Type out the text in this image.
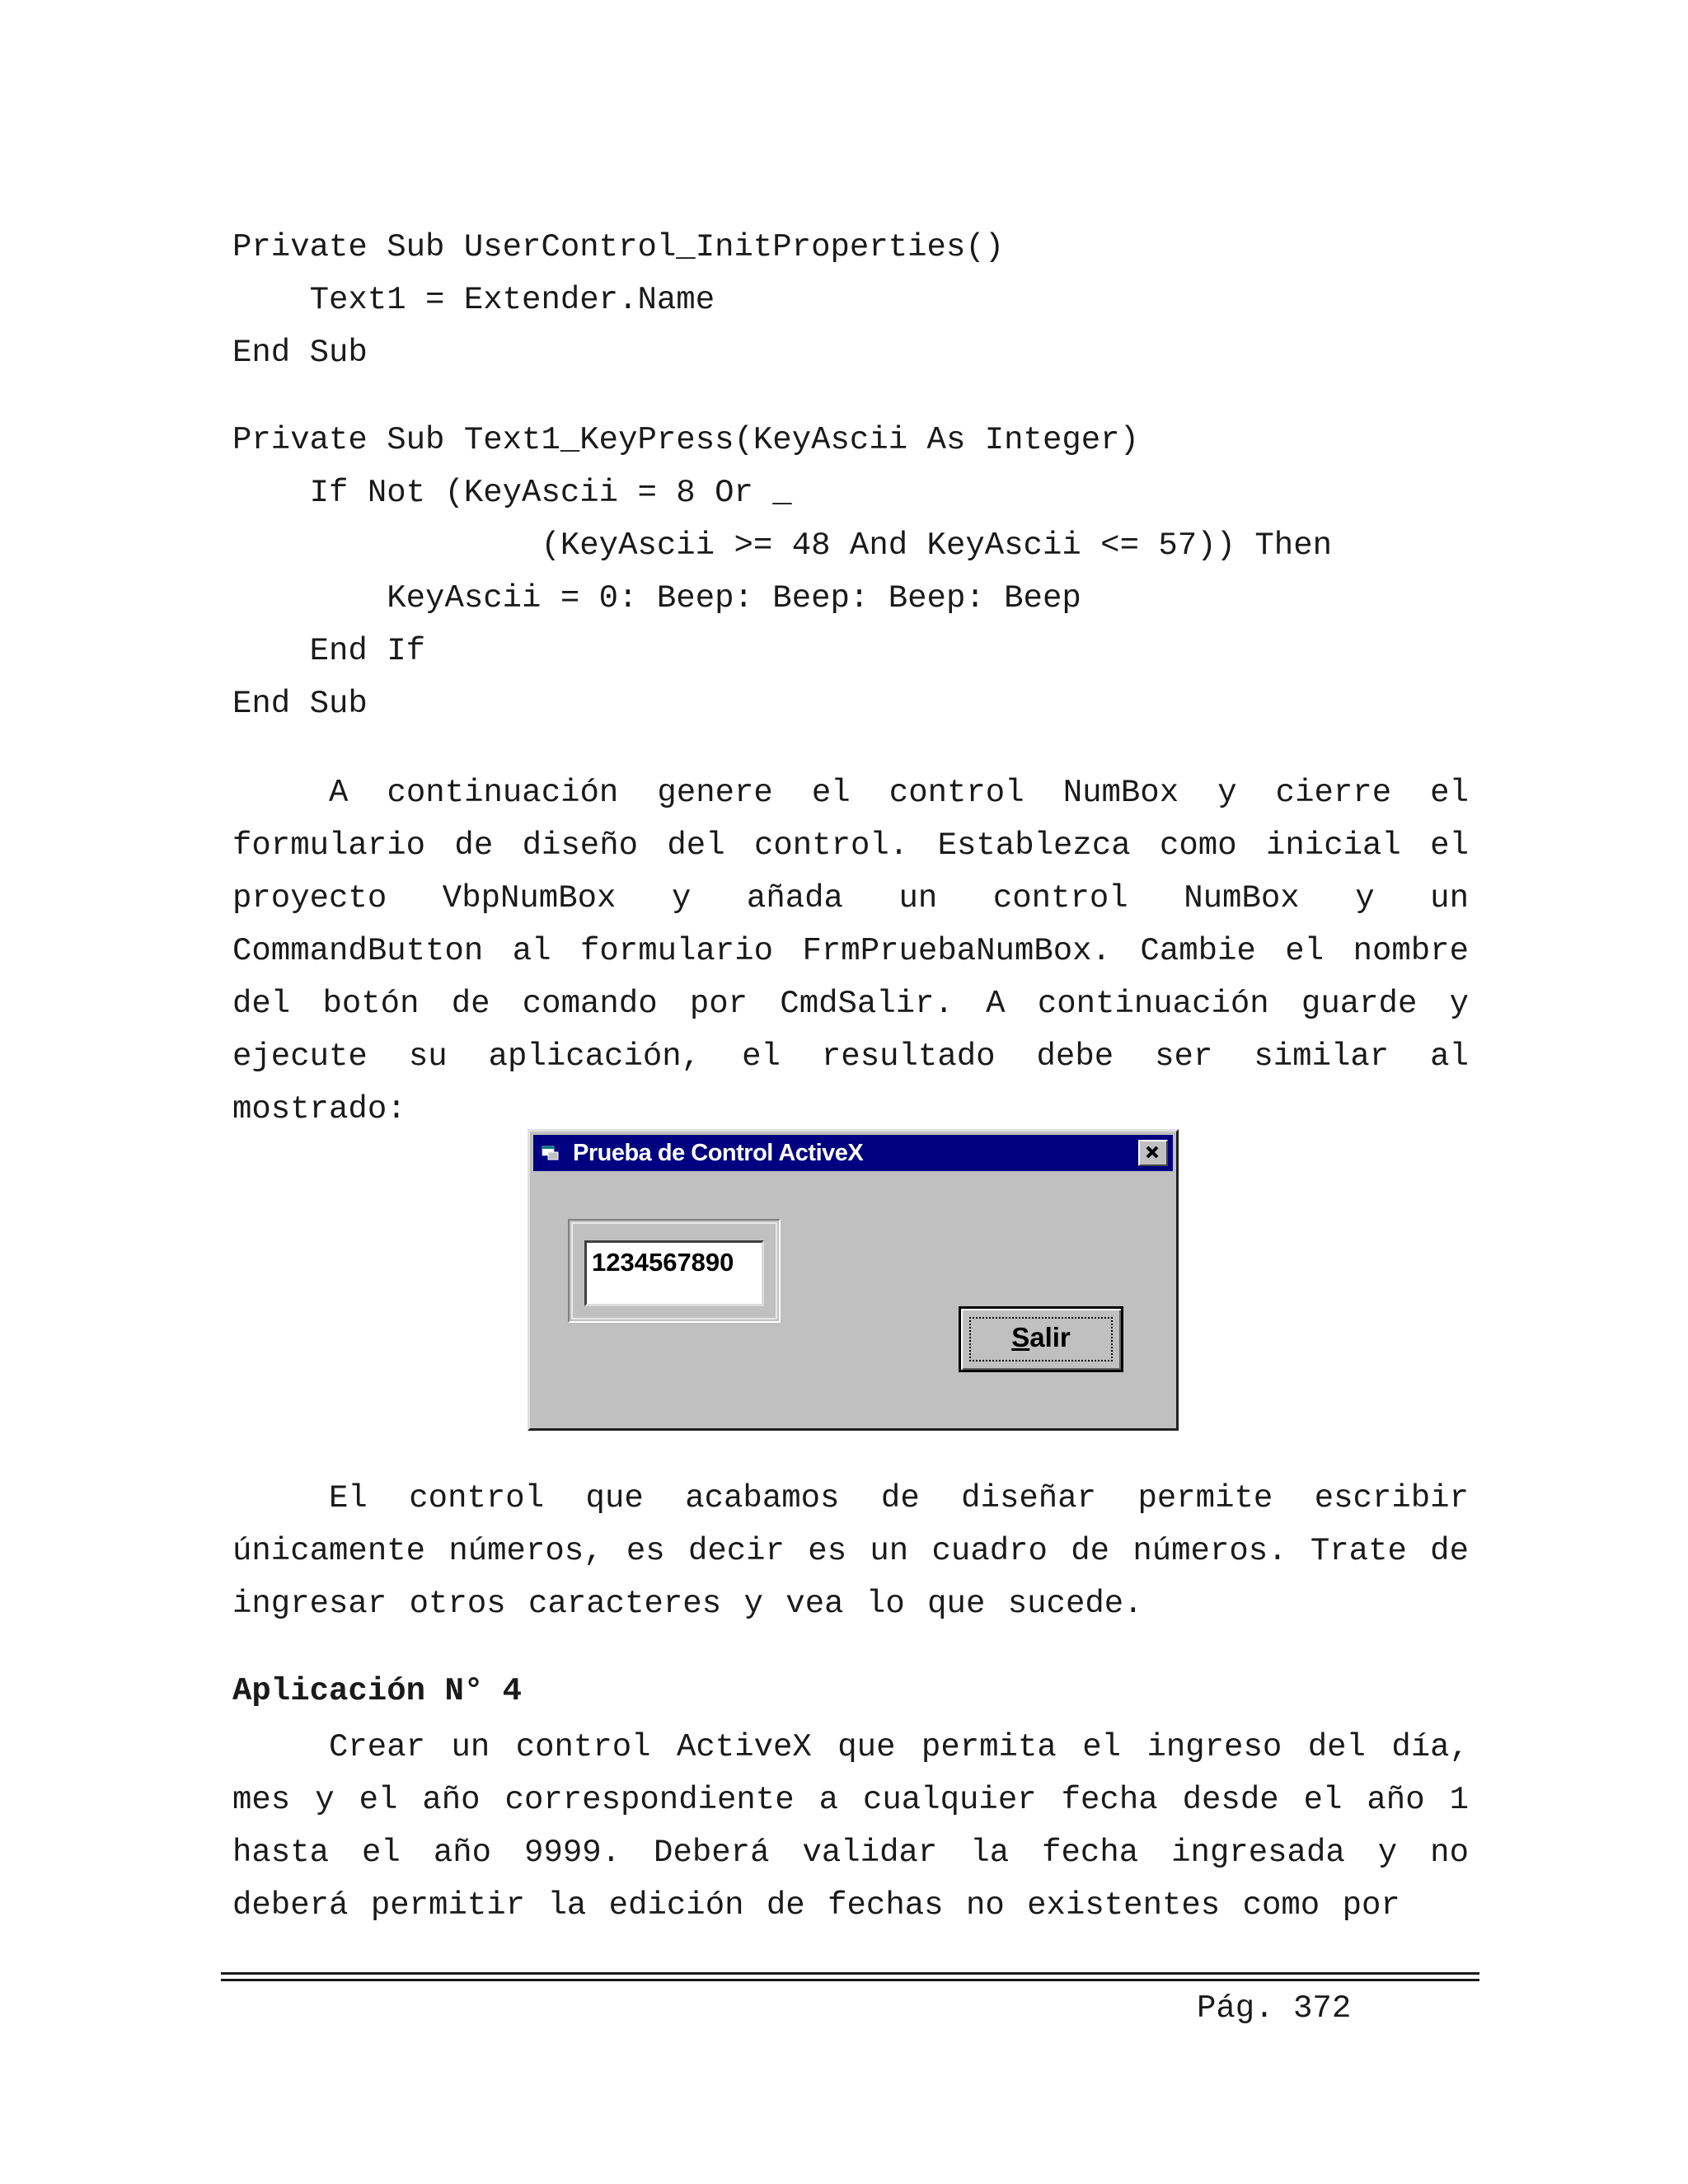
Private Sub UserControl_InitProperties()
Text1 = Extender.Name
End Sub
Private Sub Text1_KeyPress(KeyAscii As Integer)
If Not (KeyAscii = 8 Or _
(KeyAscii >= 48 And KeyAscii <= 57)) Then
KeyAscii = 0: Beep: Beep: Beep: Beep
End If
End Sub

A continuación genere el control NumBox y cierre el formulario de diseño del control. Establezca como inicial el proyecto VbpNumBox y añada un control NumBox y un CommandButton al formulario FrmPruebaNumBox. Cambie el nombre del botón de comando por CmdSalir. A continuación guarde y ejecute su aplicación, el resultado debe ser similar al mostrado:

Prueba de Control ActiveX
1234567890
Salir

El control que acabamos de diseñar permite escribir únicamente números, es decir es un cuadro de números. Trate de ingresar otros caracteres y vea lo que sucede.

Aplicación N° 4

Crear un control ActiveX que permita el ingreso del día, mes y el año correspondiente a cualquier fecha desde el año 1 hasta el año 9999. Deberá validar la fecha ingresada y no deberá permitir la edición de fechas no existentes como por

Pág. 372
